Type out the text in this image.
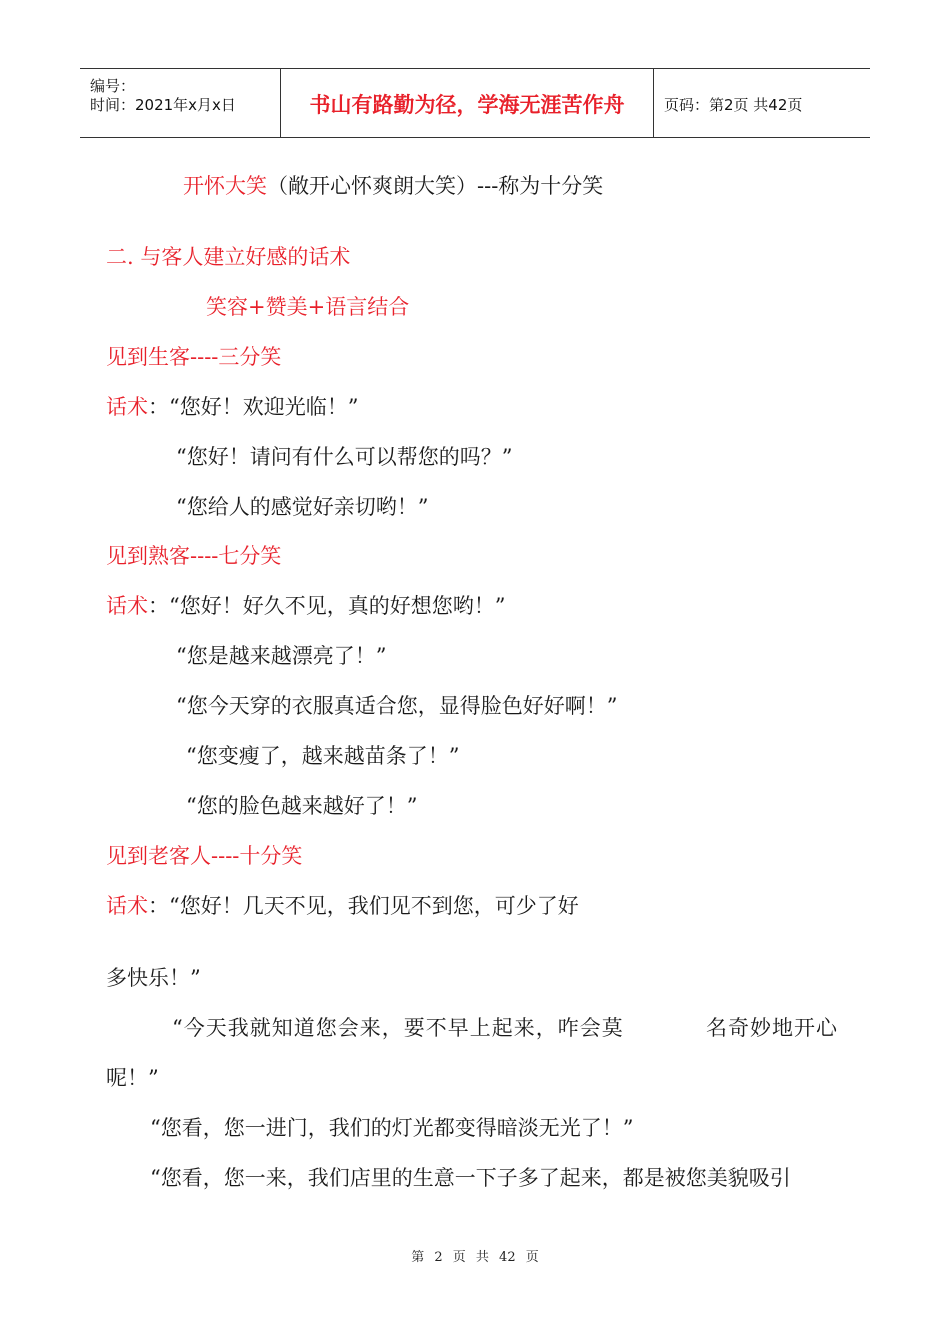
编号：
时间：2021年x月x日	书山有路勤为径，学海无涯苦作舟	页码：第2页 共42页
开怀大笑（敞开心怀爽朗大笑）---称为十分笑
二. 与客人建立好感的话术
笑容+赞美+语言结合
见到生客----三分笑
话术：“您好！欢迎光临！”
“您好！请问有什么可以帮您的吗？”
“您给人的感觉好亲切哟！”
见到熟客----七分笑
话术：“您好！好久不见，真的好想您哟！”
“您是越来越漂亮了！”
“您今天穿的衣服真适合您，显得脸色好好啊！”
“您变瘦了，越来越苗条了！”
“您的脸色越来越好了！”
见到老客人----十分笑
话术：“您好！几天不见，我们见不到您，可少了好
多快乐！”
“今天我就知道您会来，要不早上起来，咋会莫	名奇妙地开心
呢！”
“您看，您一进门，我们的灯光都变得暗淡无光了！”
“您看，您一来，我们店里的生意一下子多了起来，都是被您美貌吸引
第 2 页 共 42 页
